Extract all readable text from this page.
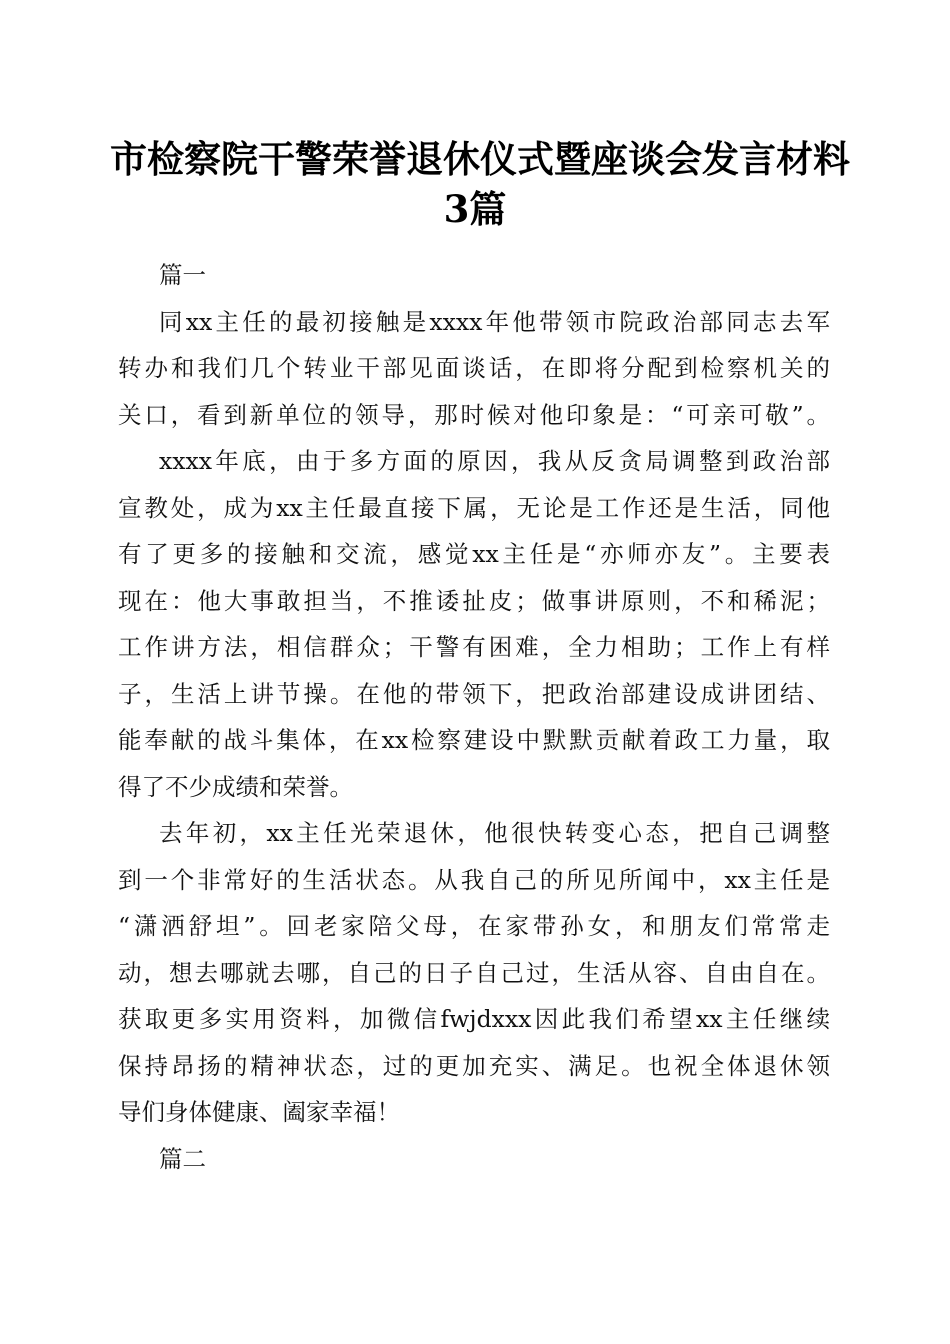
市检察院干警荣誉退休仪式暨座谈会发言材料
3篇
篇一
同xx主任的最初接触是xxxx年他带领市院政治部同志去军
转办和我们几个转业干部见面谈话，在即将分配到检察机关的
关口，看到新单位的领导，那时候对他印象是：“可亲可敬”。
xxxx年底，由于多方面的原因，我从反贪局调整到政治部
宣教处，成为xx主任最直接下属，无论是工作还是生活，同他
有了更多的接触和交流，感觉xx主任是“亦师亦友”。主要表
现在：他大事敢担当，不推诿扯皮；做事讲原则，不和稀泥；
工作讲方法，相信群众；干警有困难，全力相助；工作上有样
子，生活上讲节操。在他的带领下，把政治部建设成讲团结、
能奉献的战斗集体，在xx检察建设中默默贡献着政工力量，取
得了不少成绩和荣誉。
去年初，xx主任光荣退休，他很快转变心态，把自己调整
到一个非常好的生活状态。从我自己的所见所闻中，xx主任是
“潇洒舒坦”。回老家陪父母，在家带孙女，和朋友们常常走
动，想去哪就去哪，自己的日子自己过，生活从容、自由自在。
获取更多实用资料，加微信fwjdxxx因此我们希望xx主任继续
保持昂扬的精神状态，过的更加充实、满足。也祝全体退休领
导们身体健康、阖家幸福！
篇二
